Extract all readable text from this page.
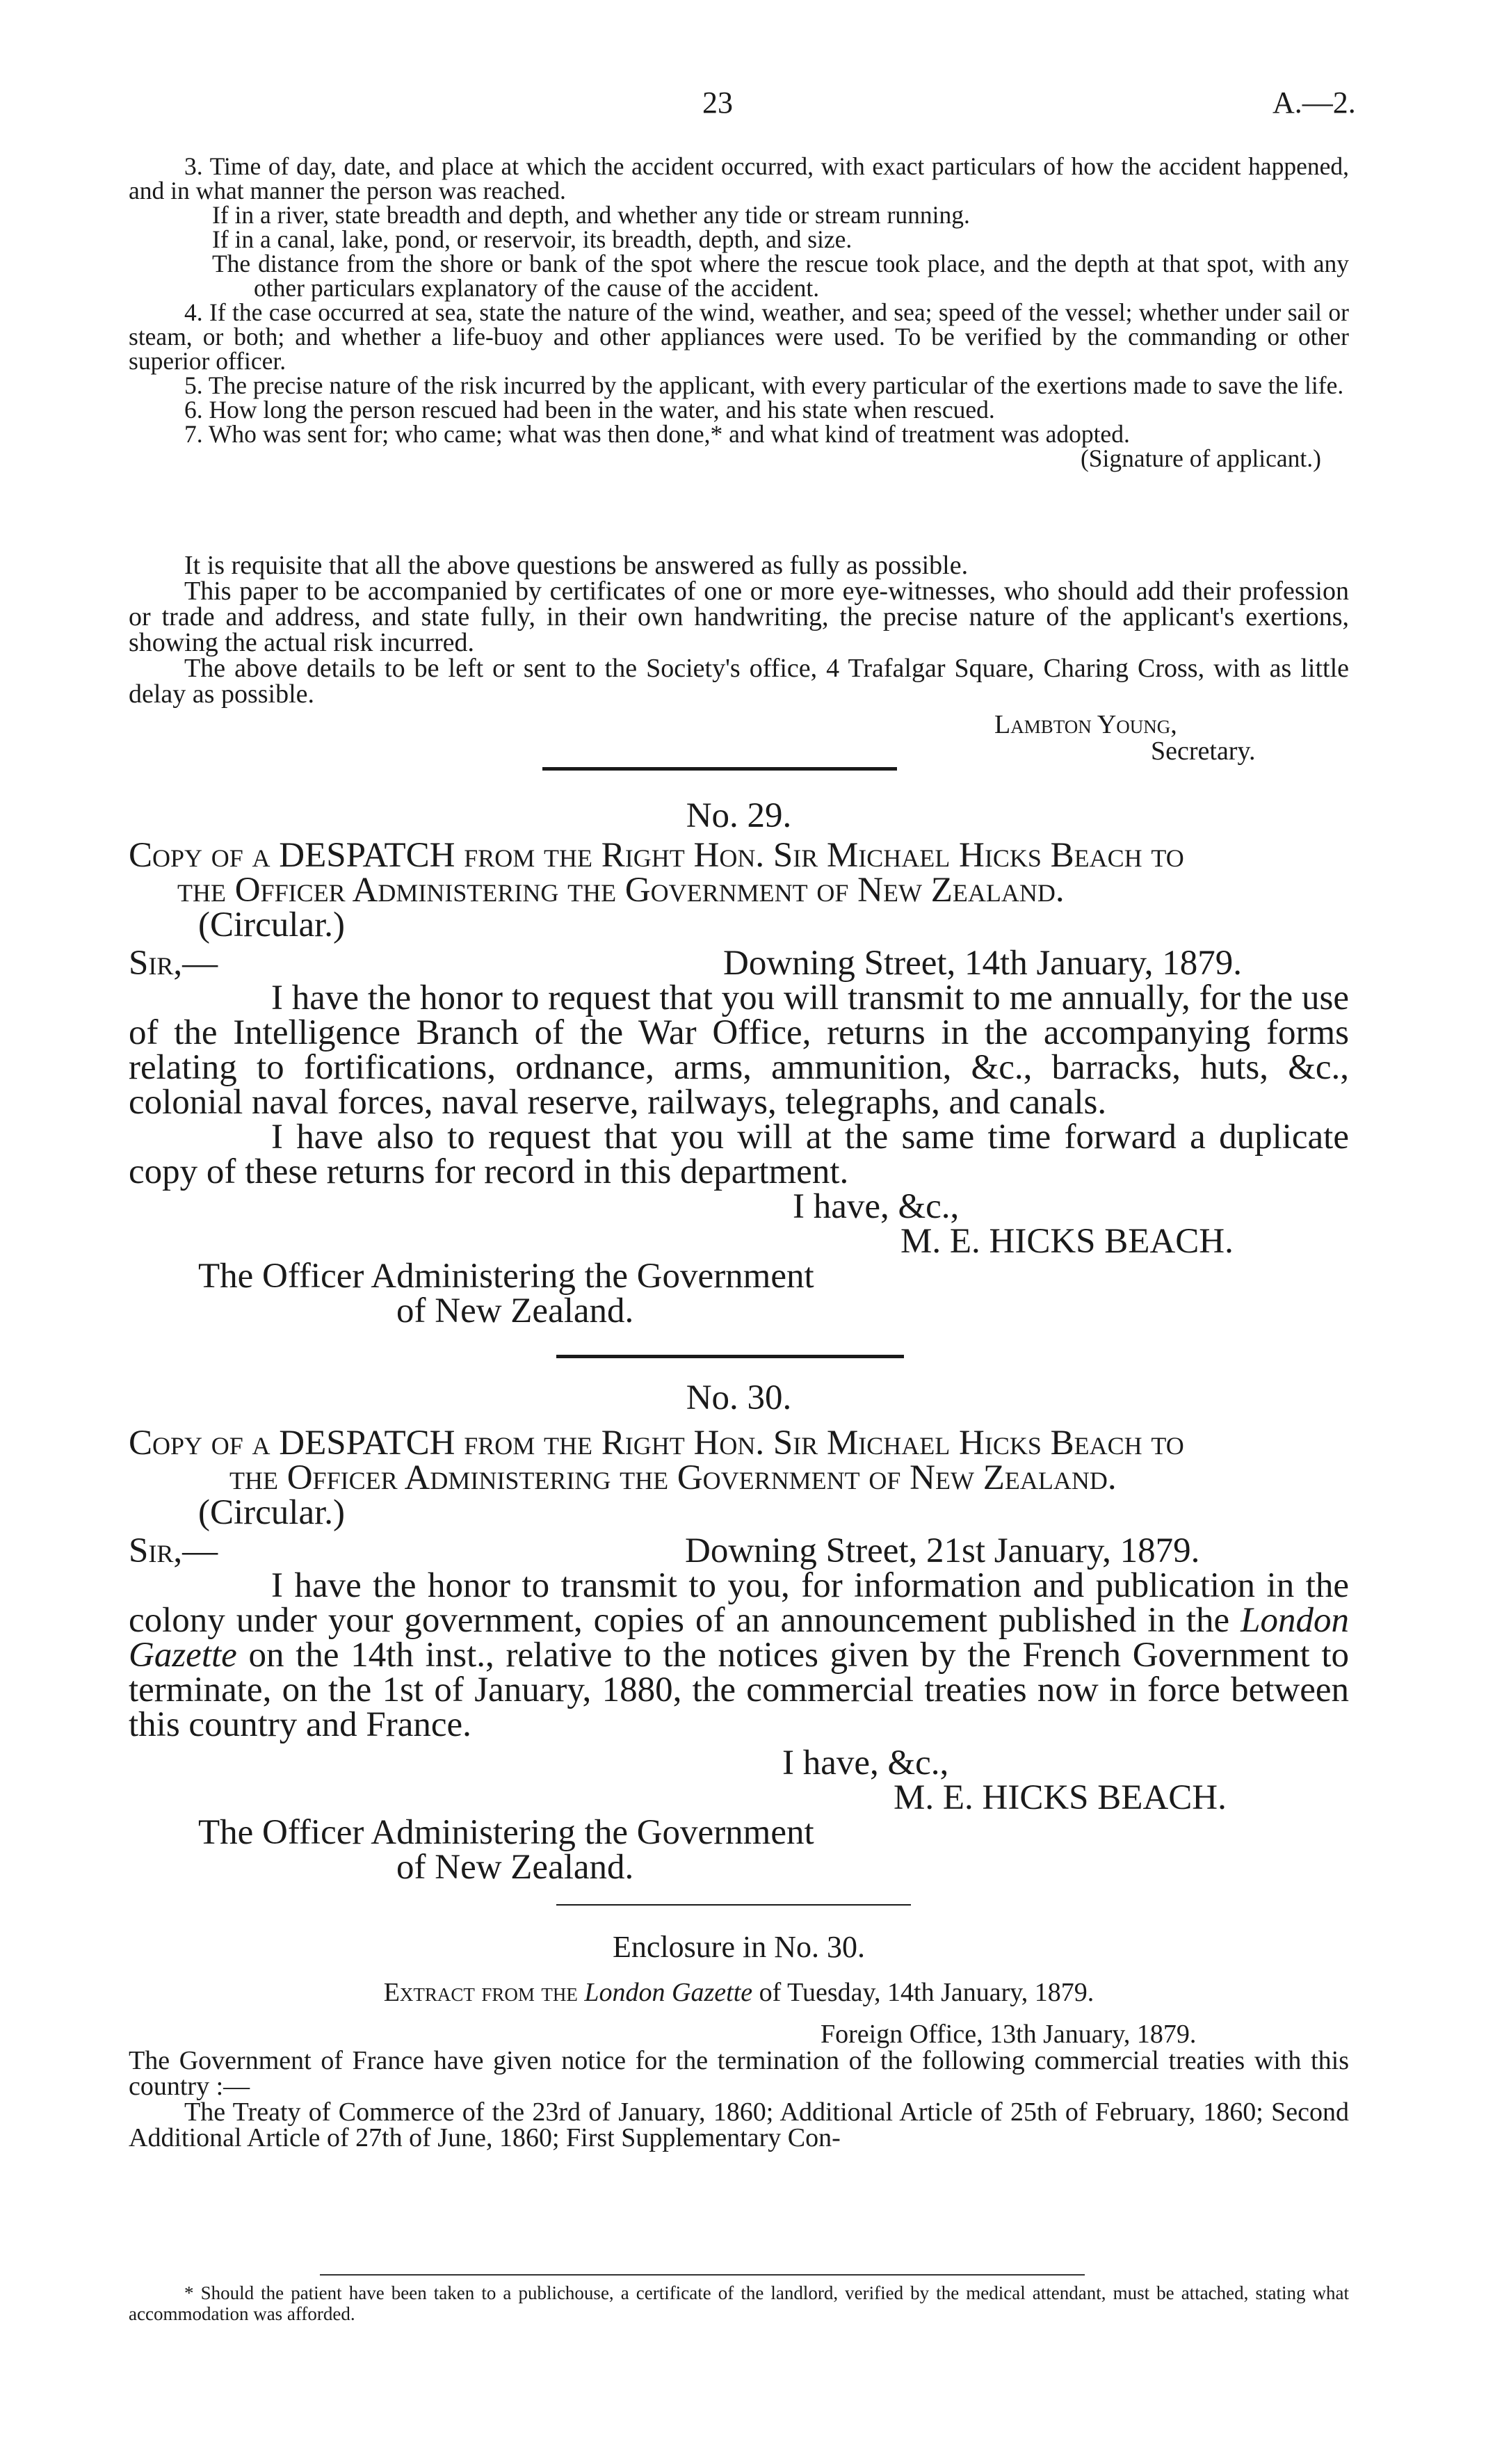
23	A.—2.

3. Time of day, date, and place at which the accident occurred, with exact particulars of how the accident happened, and in what manner the person was reached.

If in a river, state breadth and depth, and whether any tide or stream running.

If in a canal, lake, pond, or reservoir, its breadth, depth, and size.

The distance from the shore or bank of the spot where the rescue took place, and the depth at that spot, with any other particulars explanatory of the cause of the accident.

4. If the case occurred at sea, state the nature of the wind, weather, and sea; speed of the vessel; whether under sail or steam, or both; and whether a life-buoy and other appliances were used. To be verified by the commanding or other superior officer.

5. The precise nature of the risk incurred by the applicant, with every particular of the exertions made to save the life.

6. How long the person rescued had been in the water, and his state when rescued.

7. Who was sent for; who came; what was then done,* and what kind of treatment was adopted.

(Signature of applicant.)

It is requisite that all the above questions be answered as fully as possible.

This paper to be accompanied by certificates of one or more eye-witnesses, who should add their profession or trade and address, and state fully, in their own handwriting, the precise nature of the applicant's exertions, showing the actual risk incurred.

The above details to be left or sent to the Society's office, 4 Trafalgar Square, Charing Cross, with as little delay as possible.

Lambton Young,
Secretary.
No. 29.
Copy of a DESPATCH from the Right Hon. Sir Michael Hicks Beach to
the Officer Administering the Government of New Zealand.
(Circular.)
Sir,—	Downing Street, 14th January, 1879.

I have the honor to request that you will transmit to me annually, for the use of the Intelligence Branch of the War Office, returns in the accompanying forms relating to fortifications, ordnance, arms, ammunition, &c., barracks, huts, &c., colonial naval forces, naval reserve, railways, telegraphs, and canals.

I have also to request that you will at the same time forward a duplicate copy of these returns for record in this department.

I have, &c.,
M. E. HICKS BEACH.
The Officer Administering the Government
of New Zealand.
No. 30.
Copy of a DESPATCH from the Right Hon. Sir Michael Hicks Beach to
the Officer Administering the Government of New Zealand.
(Circular.)
Sir,—	Downing Street, 21st January, 1879.

I have the honor to transmit to you, for information and publication in the colony under your government, copies of an announcement published in the London Gazette on the 14th inst., relative to the notices given by the French Government to terminate, on the 1st of January, 1880, the commercial treaties now in force between this country and France.

I have, &c.,
M. E. HICKS BEACH.
The Officer Administering the Government
of New Zealand.
Enclosure in No. 30.
Extract from the London Gazette of Tuesday, 14th January, 1879.
Foreign Office, 13th January, 1879.

The Government of France have given notice for the termination of the following commercial treaties with this country :—

The Treaty of Commerce of the 23rd of January, 1860; Additional Article of 25th of February, 1860; Second Additional Article of 27th of June, 1860; First Supplementary Con-

* Should the patient have been taken to a publichouse, a certificate of the landlord, verified by the medical attendant, must be attached, stating what accommodation was afforded.
